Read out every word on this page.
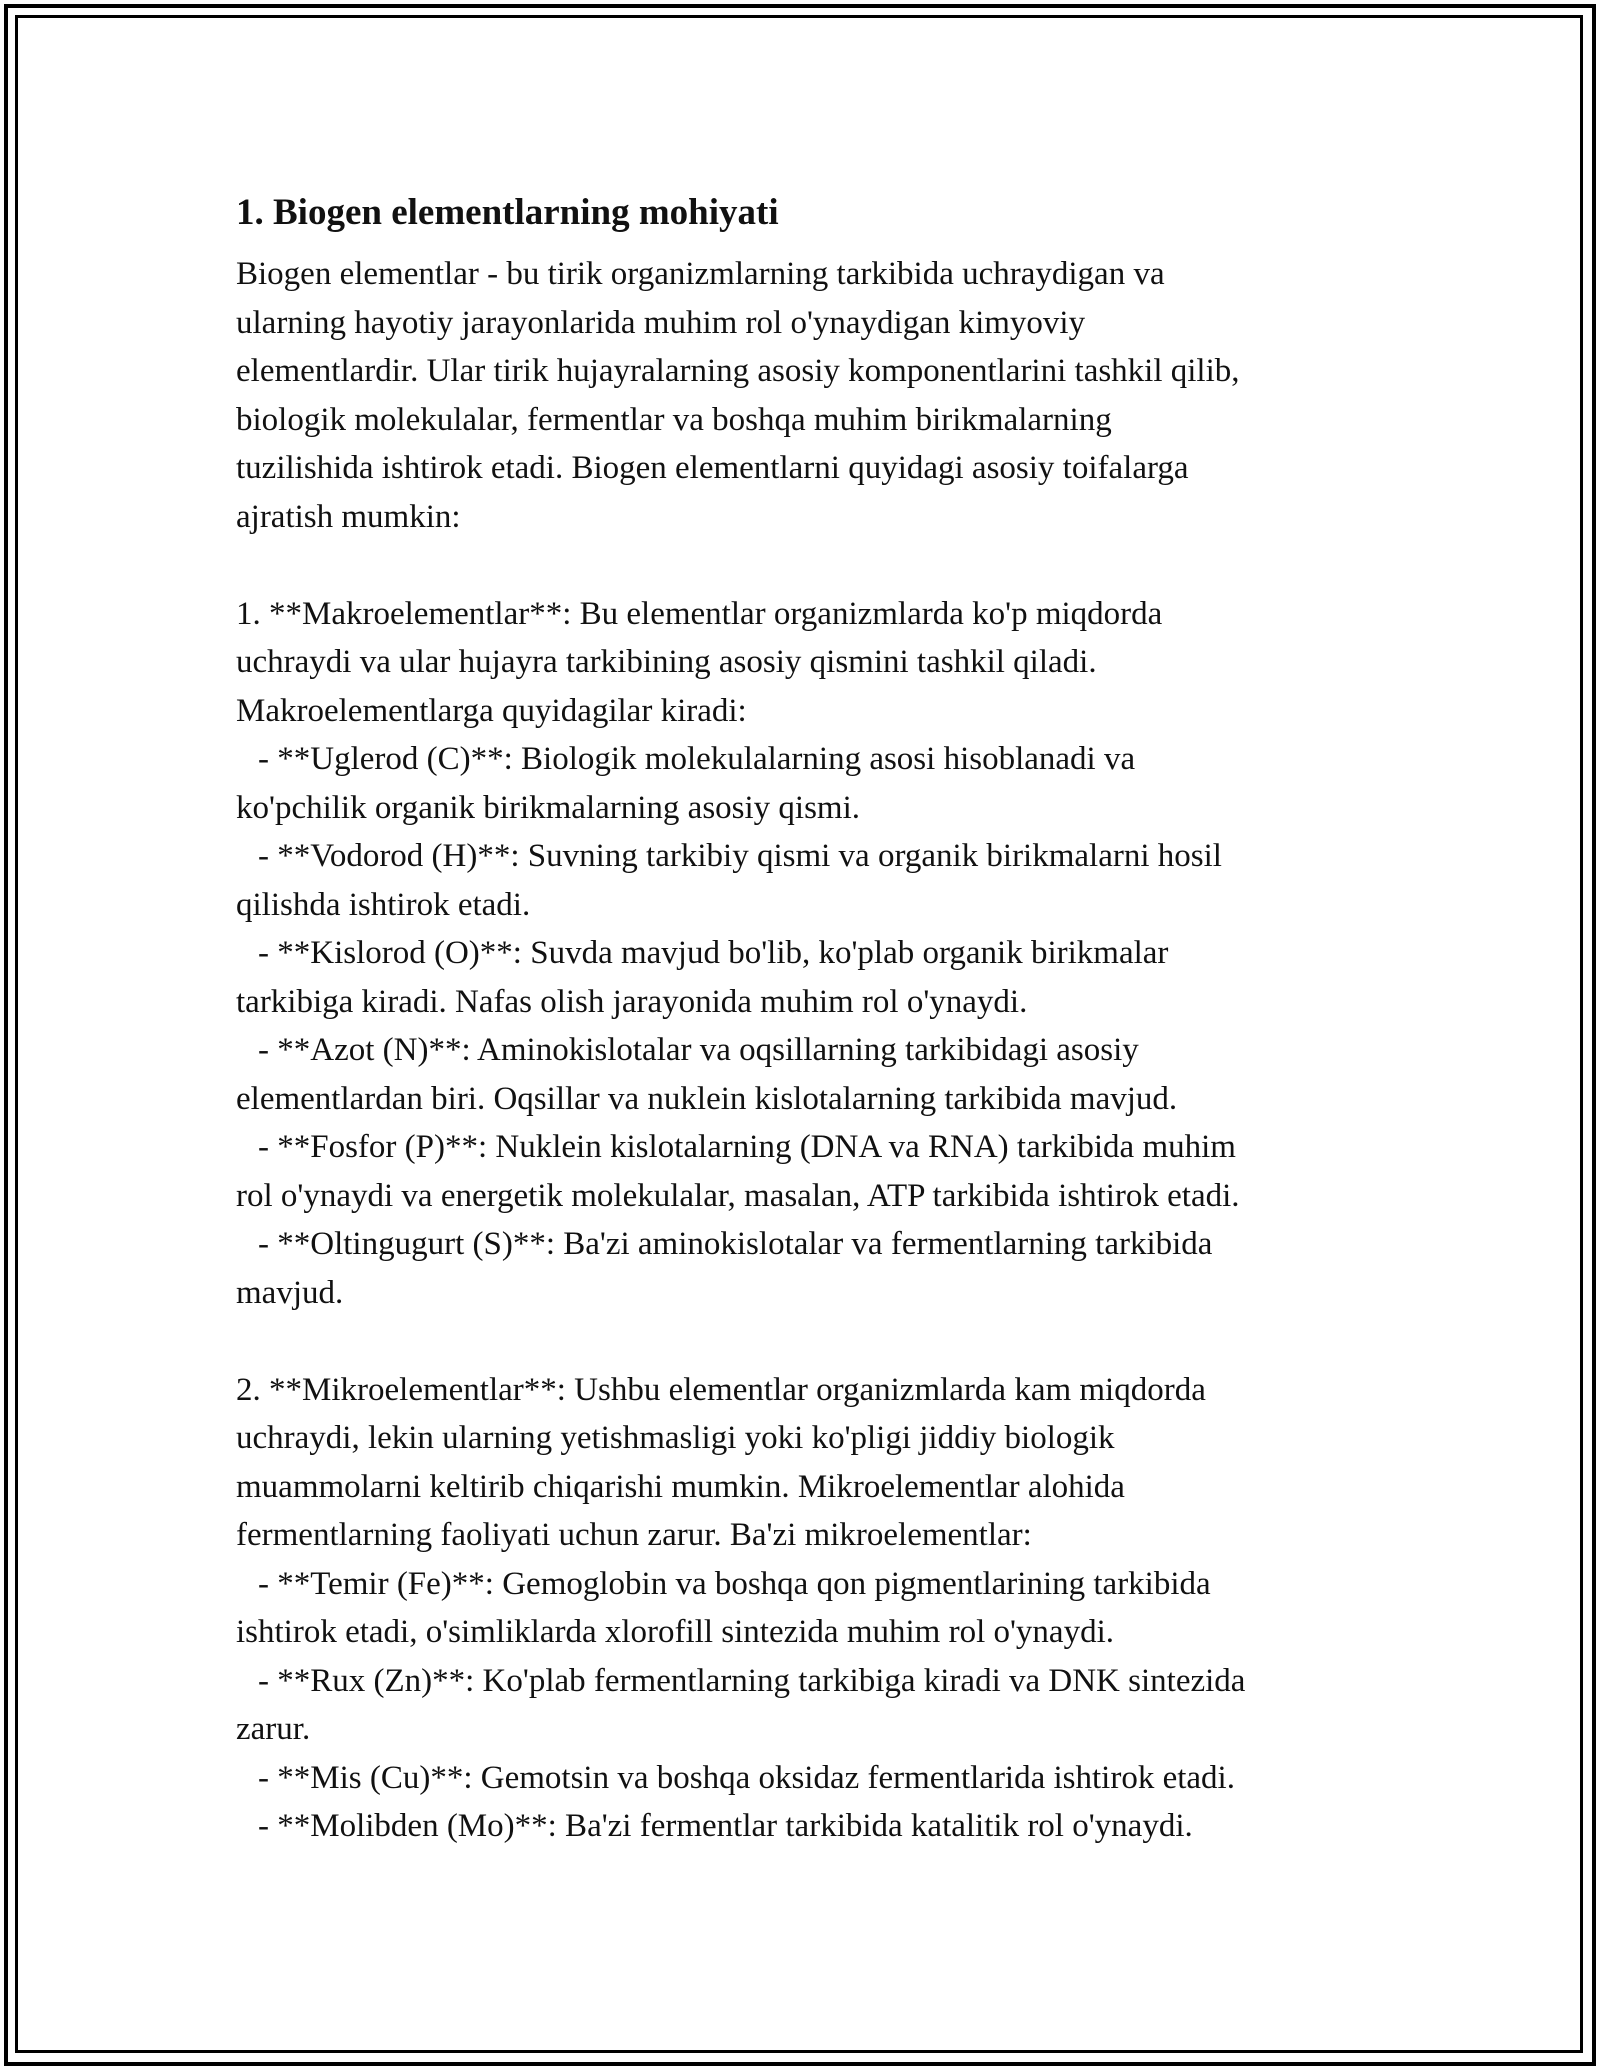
1. Biogen elementlarning mohiyati
Biogen elementlar - bu tirik organizmlarning tarkibida uchraydigan va
ularning hayotiy jarayonlarida muhim rol o'ynaydigan kimyoviy
elementlardir. Ular tirik hujayralarning asosiy komponentlarini tashkil qilib,
biologik molekulalar, fermentlar va boshqa muhim birikmalarning
tuzilishida ishtirok etadi. Biogen elementlarni quyidagi asosiy toifalarga
ajratish mumkin:
1. **Makroelementlar**: Bu elementlar organizmlarda ko'p miqdorda
uchraydi va ular hujayra tarkibining asosiy qismini tashkil qiladi.
Makroelementlarga quyidagilar kiradi:
- **Uglerod (C)**: Biologik molekulalarning asosi hisoblanadi va
ko'pchilik organik birikmalarning asosiy qismi.
- **Vodorod (H)**: Suvning tarkibiy qismi va organik birikmalarni hosil
qilishda ishtirok etadi.
- **Kislorod (O)**: Suvda mavjud bo'lib, ko'plab organik birikmalar
tarkibiga kiradi. Nafas olish jarayonida muhim rol o'ynaydi.
- **Azot (N)**: Aminokislotalar va oqsillarning tarkibidagi asosiy
elementlardan biri. Oqsillar va nuklein kislotalarning tarkibida mavjud.
- **Fosfor (P)**: Nuklein kislotalarning (DNA va RNA) tarkibida muhim
rol o'ynaydi va energetik molekulalar, masalan, ATP tarkibida ishtirok etadi.
- **Oltingugurt (S)**: Ba'zi aminokislotalar va fermentlarning tarkibida
mavjud.
2. **Mikroelementlar**: Ushbu elementlar organizmlarda kam miqdorda
uchraydi, lekin ularning yetishmasligi yoki ko'pligi jiddiy biologik
muammolarni keltirib chiqarishi mumkin. Mikroelementlar alohida
fermentlarning faoliyati uchun zarur. Ba'zi mikroelementlar:
- **Temir (Fe)**: Gemoglobin va boshqa qon pigmentlarining tarkibida
ishtirok etadi, o'simliklarda xlorofill sintezida muhim rol o'ynaydi.
- **Rux (Zn)**: Ko'plab fermentlarning tarkibiga kiradi va DNK sintezida
zarur.
- **Mis (Cu)**: Gemotsin va boshqa oksidaz fermentlarida ishtirok etadi.
- **Molibden (Mo)**: Ba'zi fermentlar tarkibida katalitik rol o'ynaydi.
